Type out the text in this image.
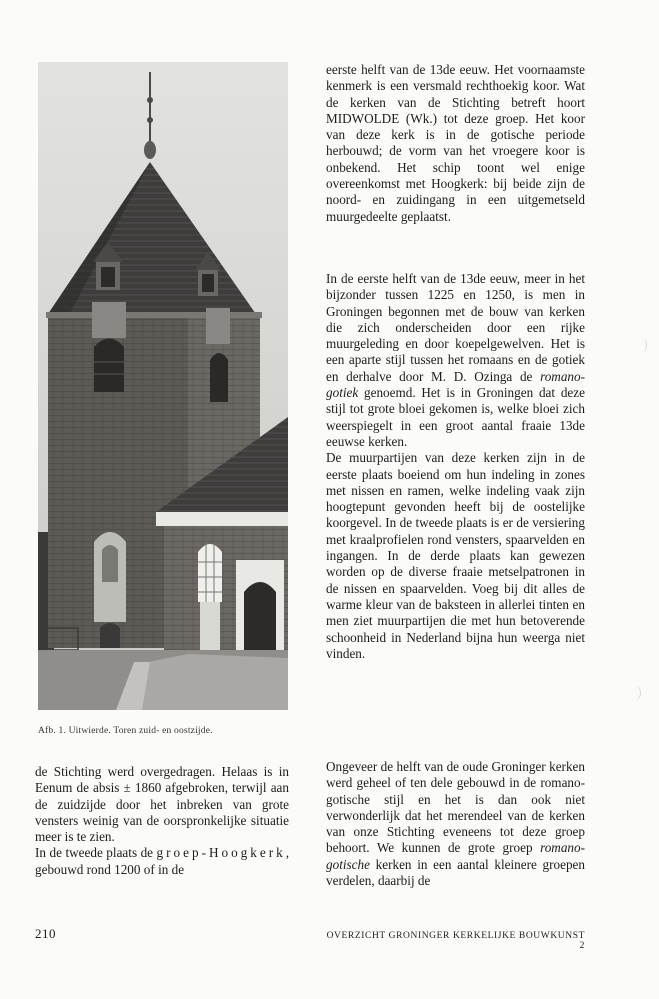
Afb. 1. Uitwierde. Toren zuid- en oostzijde.

de Stichting werd overgedragen. Helaas is in Eenum de absis ± 1860 afgebroken, terwijl aan de zuidzijde door het inbreken van grote vensters weinig van de oorspronkelijke situatie meer is te zien.

In de tweede plaats de groep-Hoogkerk, gebouwd rond 1200 of in de

eerste helft van de 13de eeuw. Het voornaamste kenmerk is een versmald rechthoekig koor. Wat de kerken van de Stichting betreft hoort MIDWOLDE (Wk.) tot deze groep. Het koor van deze kerk is in de gotische periode herbouwd; de vorm van het vroegere koor is onbekend. Het schip toont wel enige overeenkomst met Hoogkerk: bij beide zijn de noord- en zuidingang in een uitgemetseld muurgedeelte geplaatst.

In de eerste helft van de 13de eeuw, meer in het bijzonder tussen 1225 en 1250, is men in Groningen begonnen met de bouw van kerken die zich onderscheiden door een rijke muurgeleding en door koepelgewelven. Het is een aparte stijl tussen het romaans en de gotiek en derhalve door M. D. Ozinga de romano-gotiek genoemd. Het is in Groningen dat deze stijl tot grote bloei gekomen is, welke bloei zich weerspiegelt in een groot aantal fraaie 13de eeuwse kerken.

De muurpartijen van deze kerken zijn in de eerste plaats boeiend om hun indeling in zones met nissen en ramen, welke indeling vaak zijn hoogtepunt gevonden heeft bij de oostelijke koorgevel. In de tweede plaats is er de versiering met kraalprofielen rond vensters, spaarvelden en ingangen. In de derde plaats kan gewezen worden op de diverse fraaie metselpatronen in de nissen en spaarvelden. Voeg bij dit alles de warme kleur van de baksteen in allerlei tinten en men ziet muurpartijen die met hun betoverende schoonheid in Nederland bijna hun weerga niet vinden.

Ongeveer de helft van de oude Groninger kerken werd geheel of ten dele gebouwd in de romano-gotische stijl en het is dan ook niet verwonderlijk dat het merendeel van de kerken van onze Stichting eveneens tot deze groep behoort. We kunnen de grote groep romano-gotische kerken in een aantal kleinere groepen verdelen, daarbij de

210	OVERZICHT GRONINGER KERKELIJKE BOUWKUNST 2
